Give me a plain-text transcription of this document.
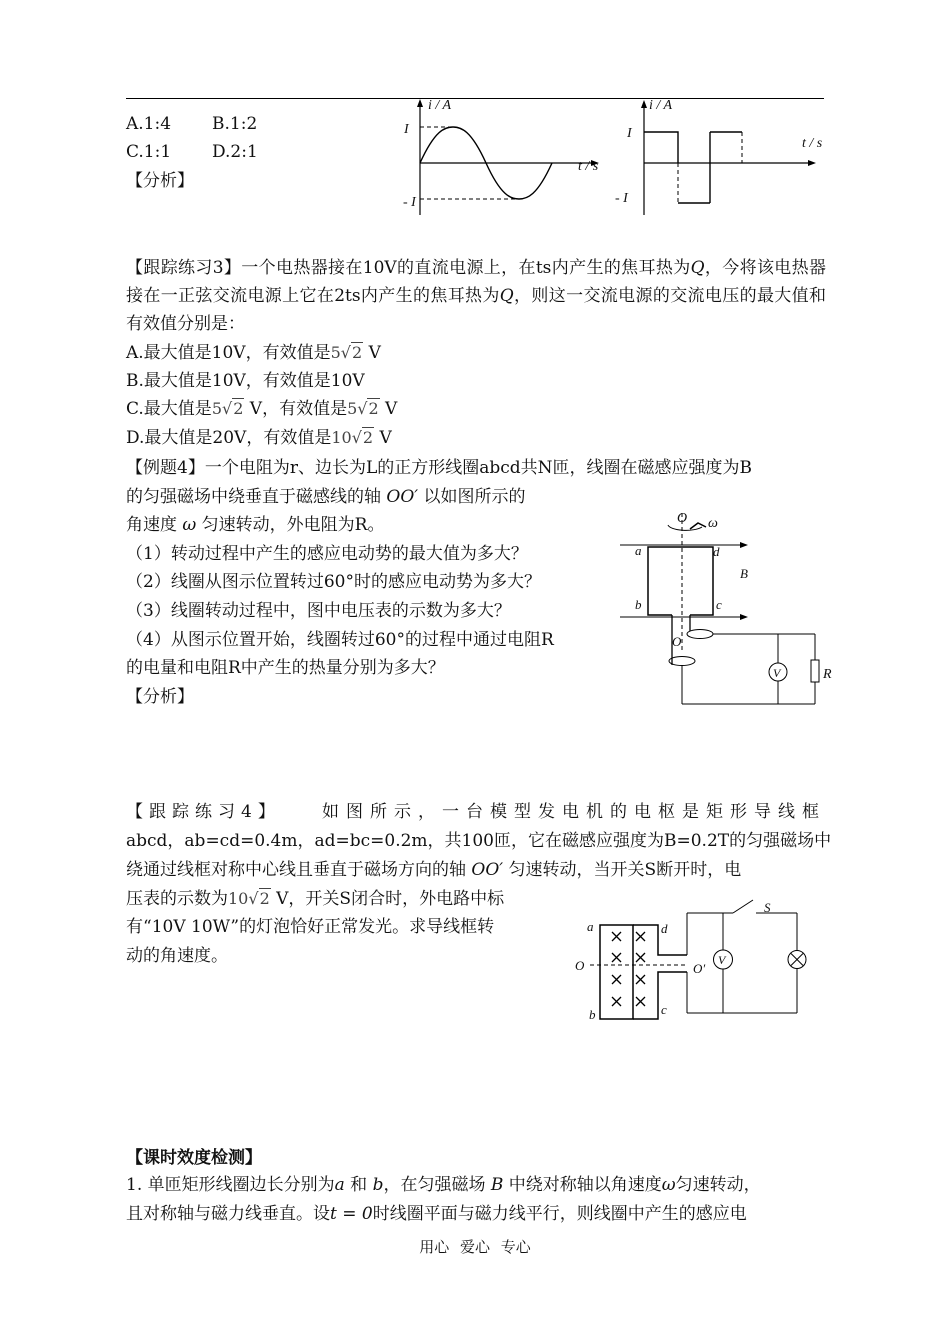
A.1:4 B.1:2
C.1:1 D.2:1
【分析】
i / A
t / s
I
- I
i / A
t / s
I
- I
【跟踪练习3】一个电热器接在10V的直流电源上，在ts内产生的焦耳热为Q，今将该电热器接在一正弦交流电源上它在2ts内产生的焦耳热为Q，则这一交流电源的交流电压的最大值和有效值分别是：
A.最大值是10V，有效值是5√2 V
B.最大值是10V，有效值是10V
C.最大值是5√2 V，有效值是5√2 V
D.最大值是20V，有效值是10√2 V
【例题4】一个电阻为r、边长为L的正方形线圈abcd共N匝，线圈在磁感应强度为B
的匀强磁场中绕垂直于磁感线的轴 OO′ 以如图所示的
角速度 ω 匀速转动，外电阻为R。
（1）转动过程中产生的感应电动势的最大值为多大？
（2）线圈从图示位置转过60°时的感应电动势为多大？
（3）线圈转动过程中，图中电压表的示数为多大？
（4）从图示位置开始，线圈转过60°的过程中通过电阻R
的电量和电阻R中产生的热量分别为多大？
【分析】
O ω
V	R
a	d
B
b	c
O
【跟踪练习4】 如图所示，一台模型发电机的电枢是矩形导线框
abcd，ab=cd=0.4m，ad=bc=0.2m，共100匝，它在磁感应强度为B=0.2T的匀强磁场中
绕通过线框对称中心线且垂直于磁场方向的轴 OO′ 匀速转动，当开关S断开时，电
压表的示数为10√2 V，开关S闭合时，外电路中标
有“10V 10W”的灯泡恰好正常发光。求导线框转
动的角速度。	V
a	d
S
O	O′
b	c
【课时效度检测】
1. 单匝矩形线圈边长分别为a 和 b，在匀强磁场 B 中绕对称轴以角速度ω匀速转动，
且对称轴与磁力线垂直。设t = 0时线圈平面与磁力线平行，则线圈中产生的感应电
用心 爱心 专心
